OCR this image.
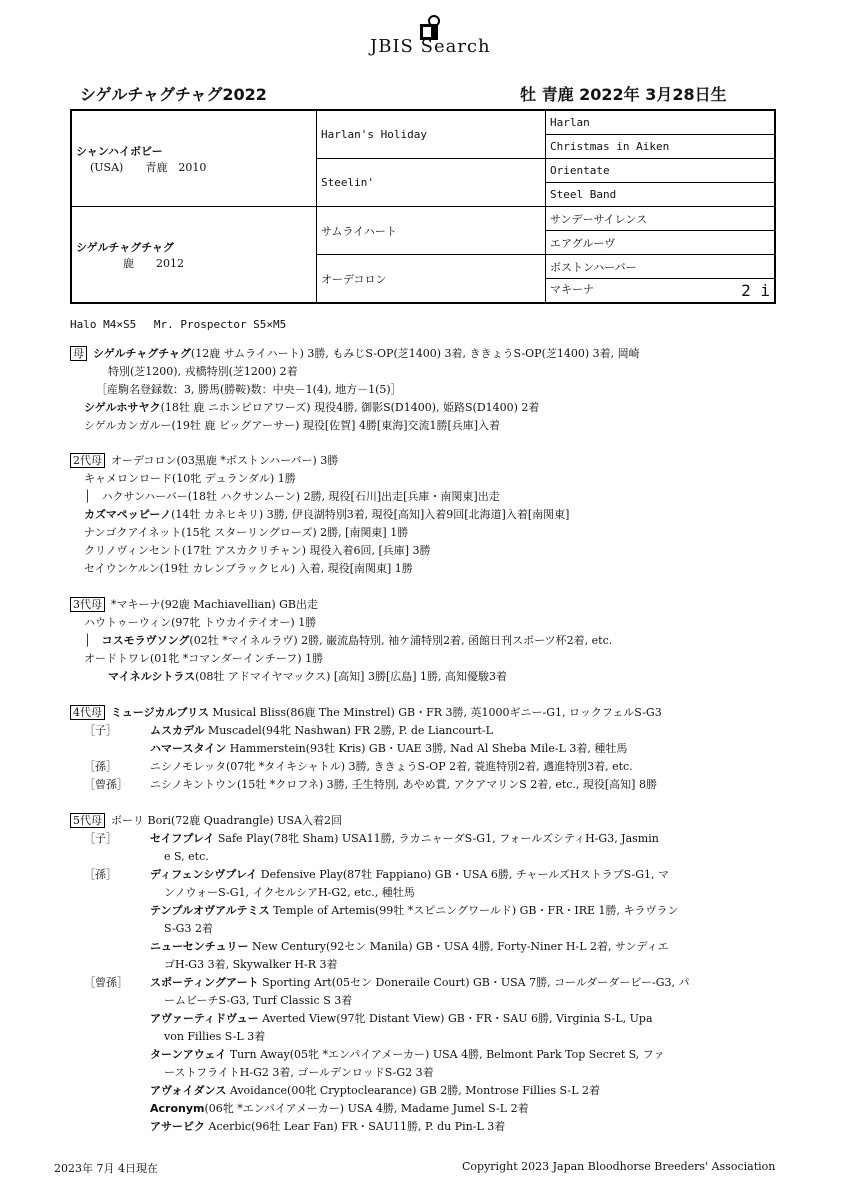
JBIS Search
シゲルチャグチャグ2022	牡 青鹿 2022年 3月28日生
シャンハイボビー
(USA)　　青鹿　2010	Harlan's Holiday	Harlan
		Christmas in Aiken
	Steelin'	Orientate
		Steel Band

シゲルチャグチャグ
　　　鹿　　2012	サムライハート	サンデーサイレンス
		エアグルーヴ
	オーデコロン	ボストンハーバー
		マキーナ 2 i
Halo M4×S5　 Mr. Prospector S5×M5
母 シゲルチャグチャグ(12鹿 サムライハート) 3勝, もみじS-OP(芝1400) 3着, ききょうS-OP(芝1400) 3着, 岡崎
特別(芝1200), 戎橋特別(芝1200) 2着
［産駒名登録数：3, 勝馬(勝鞍)数：中央－1(4), 地方－1(5)］
シゲルホサヤク(18牡 鹿 ニホンピロアワーズ) 現役4勝, 御影S(D1400), 姫路S(D1400) 2着
シゲルカンガルー(19牡 鹿 ビッグアーサー) 現役[佐賀] 4勝[東海]交流1勝[兵庫]入着
2代母 オーデコロン(03黒鹿 *ボストンハーバー) 3勝
キャメロンロード(10牝 デュランダル) 1勝
│　ハクサンハーバー(18牡 ハクサンムーン) 2勝, 現役[石川]出走[兵庫・南関東]出走
カズマペッピーノ(14牡 カネヒキリ) 3勝, 伊良湖特別3着, 現役[高知]入着9回[北海道]入着[南関東]
ナンゴクアイネット(15牝 スターリングローズ) 2勝, [南関東] 1勝
クリノヴィンセント(17牡 アスカクリチャン) 現役入着6回, [兵庫] 3勝
セイウンケルン(19牡 カレンブラックヒル) 入着, 現役[南関東] 1勝
3代母 *マキーナ(92鹿 Machiavellian) GB出走
ハウトゥーウィン(97牝 トウカイテイオー) 1勝
│　コスモラヴソング(02牡 *マイネルラヴ) 2勝, 巌流島特別, 袖ケ浦特別2着, 函館日刊スポーツ杯2着, etc.
オードトワレ(01牝 *コマンダーインチーフ) 1勝
マイネルシトラス(08牡 アドマイヤマックス) [高知] 3勝[広島] 1勝, 高知優駿3着
4代母 ミュージカルブリス Musical Bliss(86鹿 The Minstrel) GB・FR 3勝, 英1000ギニー-G1, ロックフェルS-G3
［子］	ムスカデル Muscadel(94牝 Nashwan) FR 2勝, P. de Liancourt-L
ハマースタイン Hammerstein(93牡 Kris) GB・UAE 3勝, Nad Al Sheba Mile-L 3着, 種牡馬
［孫］	ニシノモレッタ(07牝 *タイキシャトル) 3勝, ききょうS-OP 2着, 蓑進特別2着, 邁進特別3着, etc.
［曾孫］ ニシノキントウン(15牡 *クロフネ) 3勝, 壬生特別, あやめ賞, アクアマリンS 2着, etc., 現役[高知] 8勝
5代母 ボーリ Bori(72鹿 Quadrangle) USA入着2回
［子］	セイフプレイ Safe Play(78牝 Sham) USA11勝, ラカニャーダS-G1, フォールズシティH-G3, Jasmin
e S, etc.
［孫］	ディフェンシヴプレイ Defensive Play(87牡 Fappiano) GB・USA 6勝, チャールズHストラブS-G1, マ
ンノウォーS-G1, イクセルシアH-G2, etc., 種牡馬
テンプルオヴアルテミス Temple of Artemis(99牡 *スピニングワールド) GB・FR・IRE 1勝, キラヴラン
S-G3 2着
ニューセンチュリー New Century(92セン Manila) GB・USA 4勝, Forty-Niner H-L 2着, サンディエ
ゴH-G3 3着, Skywalker H-R 3着
［曾孫］ スポーティングアート Sporting Art(05セン Doneraile Court) GB・USA 7勝, コールダーダービー-G3, パ
ームビーチS-G3, Turf Classic S 3着
アヴァーティドヴュー Averted View(97牝 Distant View) GB・FR・SAU 6勝, Virginia S-L, Upa
von Fillies S-L 3着
ターンアウェイ Turn Away(05牝 *エンパイアメーカー) USA 4勝, Belmont Park Top Secret S, ファ
ーストフライトH-G2 3着, ゴールデンロッドS-G2 3着
アヴォイダンス Avoidance(00牝 Cryptoclearance) GB 2勝, Montrose Fillies S-L 2着
Acronym(06牝 *エンパイアメーカー) USA 4勝, Madame Jumel S-L 2着
アサービク Acerbic(96牡 Lear Fan) FR・SAU11勝, P. du Pin-L 3着
2023年 7月 4日現在	Copyright 2023 Japan Bloodhorse Breeders' Association
